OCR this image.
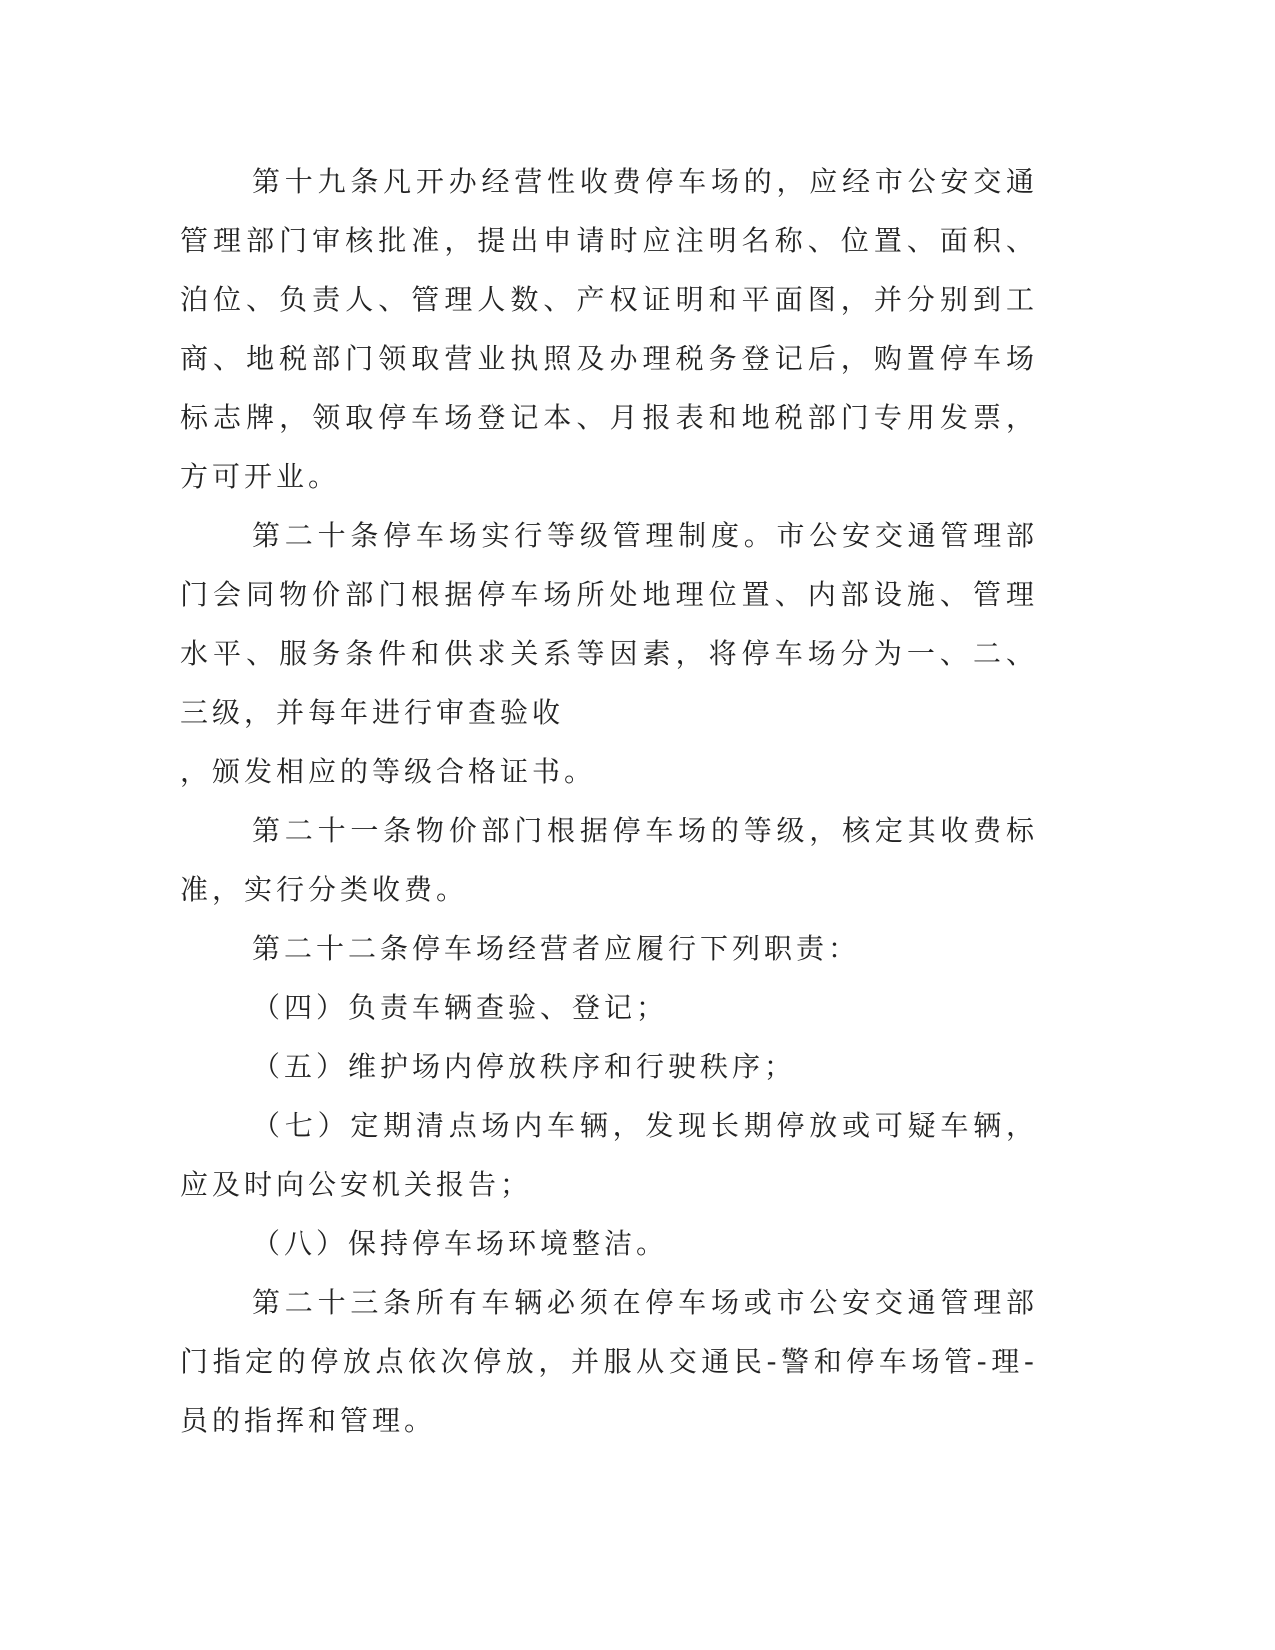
第十九条凡开办经营性收费停车场的，应经市公安交通管理部门审核批准，提出申请时应注明名称、位置、面积、泊位、负责人、管理人数、产权证明和平面图，并分别到工商、地税部门领取营业执照及办理税务登记后，购置停车场标志牌，领取停车场登记本、月报表和地税部门专用发票，方可开业。

第二十条停车场实行等级管理制度。市公安交通管理部门会同物价部门根据停车场所处地理位置、内部设施、管理水平、服务条件和供求关系等因素，将停车场分为一、二、三级，并每年进行审查验收

，颁发相应的等级合格证书。

第二十一条物价部门根据停车场的等级，核定其收费标准，实行分类收费。

第二十二条停车场经营者应履行下列职责：

（四）负责车辆查验、登记；

（五）维护场内停放秩序和行驶秩序；

（七）定期清点场内车辆，发现长期停放或可疑车辆，应及时向公安机关报告；

（八）保持停车场环境整洁。

第二十三条所有车辆必须在停车场或市公安交通管理部门指定的停放点依次停放，并服从交通民-警和停车场管-理-员的指挥和管理。
